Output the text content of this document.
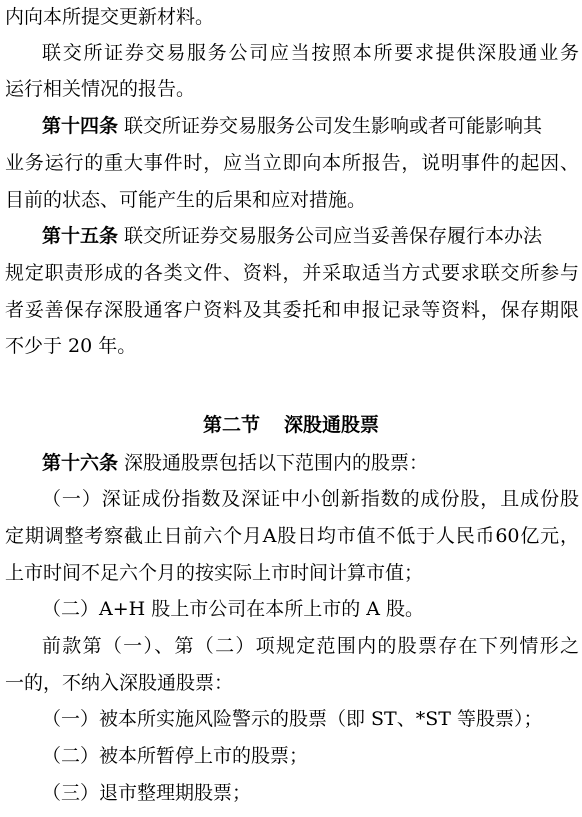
内向本所提交更新材料。
联交所证券交易服务公司应当按照本所要求提供深股通业务
运行相关情况的报告。
第十四条 联交所证券交易服务公司发生影响或者可能影响其
业务运行的重大事件时，应当立即向本所报告，说明事件的起因、
目前的状态、可能产生的后果和应对措施。
第十五条 联交所证券交易服务公司应当妥善保存履行本办法
规定职责形成的各类文件、资料，并采取适当方式要求联交所参与
者妥善保存深股通客户资料及其委托和申报记录等资料，保存期限
不少于 20 年。
第二节 深股通股票
第十六条 深股通股票包括以下范围内的股票：
（一）深证成份指数及深证中小创新指数的成份股，且成份股
定期调整考察截止日前六个月A股日均市值不低于人民币60亿元，
上市时间不足六个月的按实际上市时间计算市值；
（二）A+H 股上市公司在本所上市的 A 股。
前款第（一）、第（二）项规定范围内的股票存在下列情形之
一的，不纳入深股通股票：
（一）被本所实施风险警示的股票（即 ST、*ST 等股票）；
（二）被本所暂停上市的股票；
（三）退市整理期股票；
